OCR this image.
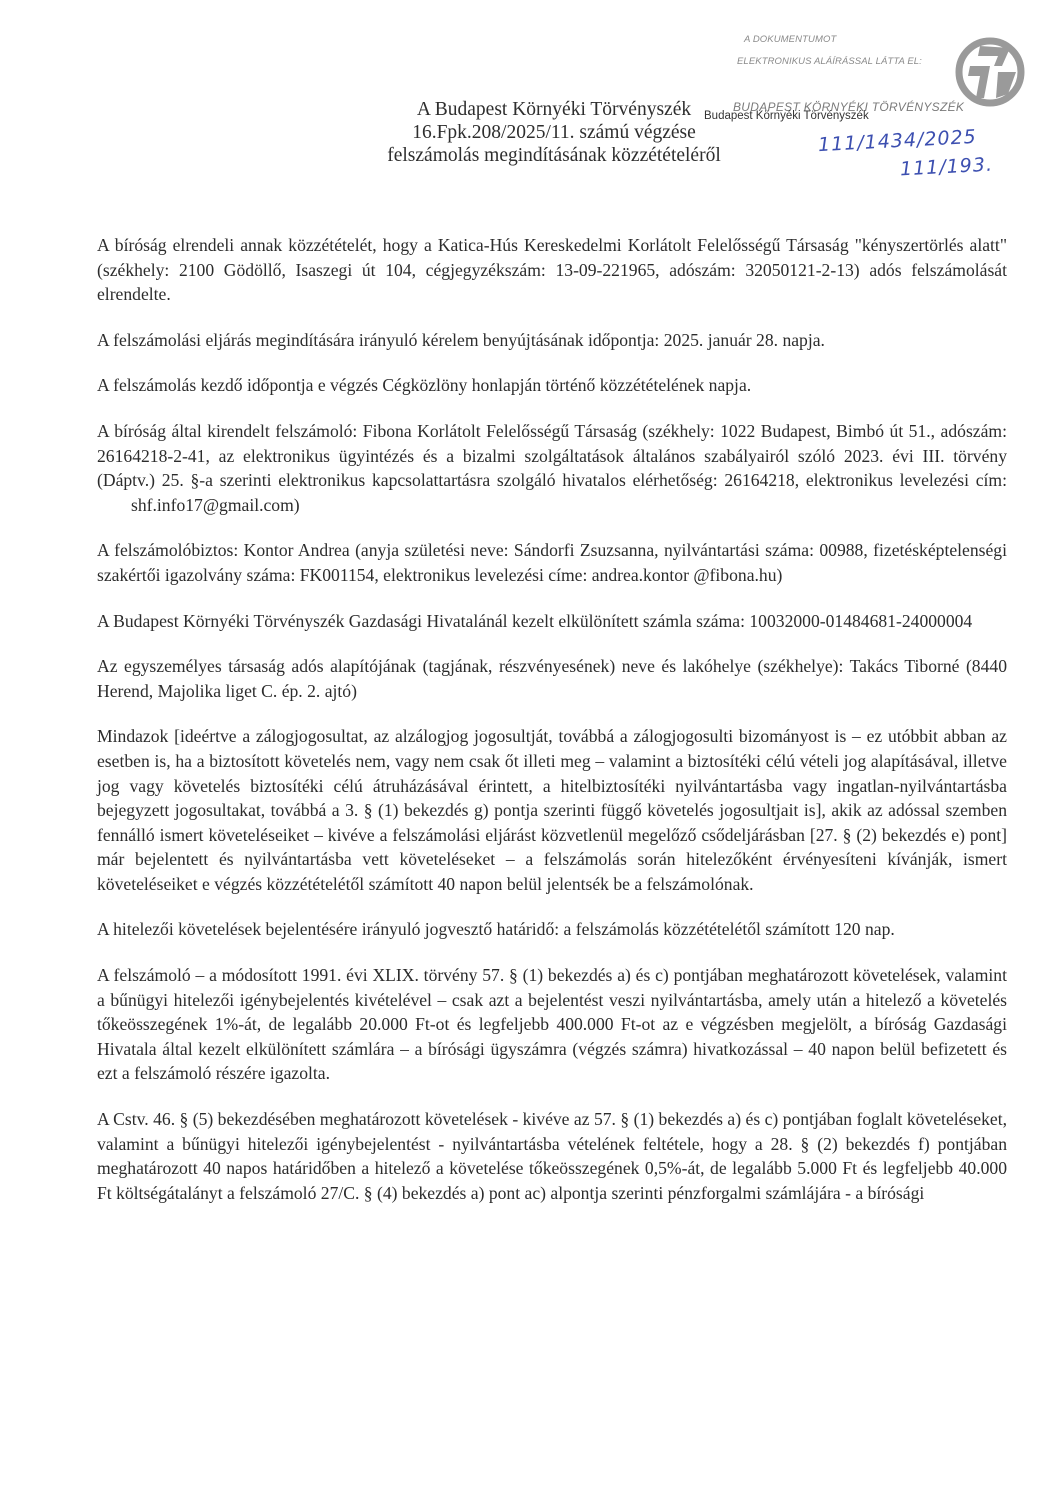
A DOKUMENTUMOT
ELEKTRONIKUS ALÁÍRÁSSAL LÁTTA EL:
BUDAPEST KÖRNYÉKI TÖRVÉNYSZÉK
Budapest Környéki Törvényszék
111/1434/2025
111/193.
A Budapest Környéki Törvényszék
16.Fpk.208/2025/11. számú végzése
felszámolás megindításának közzétételéről

A bíróság elrendeli annak közzétételét, hogy a Katica-Hús Kereskedelmi Korlátolt Felelősségű Társaság "kényszertörlés alatt" (székhely: 2100 Gödöllő, Isaszegi út 104, cégjegyzékszám: 13-09-221965, adószám: 32050121-2-13) adós felszámolását elrendelte.

A felszámolási eljárás megindítására irányuló kérelem benyújtásának időpontja: 2025. január 28. napja.

A felszámolás kezdő időpontja e végzés Cégközlöny honlapján történő közzétételének napja.

A bíróság által kirendelt felszámoló: Fibona Korlátolt Felelősségű Társaság (székhely: 1022 Budapest, Bimbó út 51., adószám: 26164218-2-41, az elektronikus ügyintézés és a bizalmi szolgáltatások általános szabályairól szóló 2023. évi III. törvény (Dáptv.) 25. §-a szerinti elektronikus kapcsolattartásra szolgáló hivatalos elérhetőség: 26164218, elektronikus levelezési cím:shf.info17@gmail.com)

A felszámolóbiztos: Kontor Andrea (anyja születési neve: Sándorfi Zsuzsanna, nyilvántartási száma: 00988, fizetésképtelenségi szakértői igazolvány száma: FK001154, elektronikus levelezési címe: andrea.kontor @fibona.hu)

A Budapest Környéki Törvényszék Gazdasági Hivatalánál kezelt elkülönített számla száma: 10032000-01484681-24000004

Az egyszemélyes társaság adós alapítójának (tagjának, részvényesének) neve és lakóhelye (székhelye): Takács Tiborné (8440 Herend, Majolika liget C. ép. 2. ajtó)

Mindazok [ideértve a zálogjogosultat, az alzálogjog jogosultját, továbbá a zálogjogosulti bizományost is – ez utóbbit abban az esetben is, ha a biztosított követelés nem, vagy nem csak őt illeti meg – valamint a biztosítéki célú vételi jog alapításával, illetve jog vagy követelés biztosítéki célú átruházásával érintett, a hitelbiztosítéki nyilvántartásba vagy ingatlan-nyilvántartásba bejegyzett jogosultakat, továbbá a 3. § (1) bekezdés g) pontja szerinti függő követelés jogosultjait is], akik az adóssal szemben fennálló ismert követeléseiket – kivéve a felszámolási eljárást közvetlenül megelőző csődeljárásban [27. § (2) bekezdés e) pont] már bejelentett és nyilvántartásba vett követeléseket – a felszámolás során hitelezőként érvényesíteni kívánják, ismert követeléseiket e végzés közzétételétől számított 40 napon belül jelentsék be a felszámolónak.

A hitelezői követelések bejelentésére irányuló jogvesztő határidő: a felszámolás közzétételétől számított 120 nap.

A felszámoló – a módosított 1991. évi XLIX. törvény 57. § (1) bekezdés a) és c) pontjában meghatározott követelések, valamint a bűnügyi hitelezői igénybejelentés kivételével – csak azt a bejelentést veszi nyilvántartásba, amely után a hitelező a követelés tőkeösszegének 1%-át, de legalább 20.000 Ft-ot és legfeljebb 400.000 Ft-ot az e végzésben megjelölt, a bíróság Gazdasági Hivatala által kezelt elkülönített számlára – a bírósági ügyszámra (végzés számra) hivatkozással – 40 napon belül befizetett és ezt a felszámoló részére igazolta.

A Cstv. 46. § (5) bekezdésében meghatározott követelések - kivéve az 57. § (1) bekezdés a) és c) pontjában foglalt követeléseket, valamint a bűnügyi hitelezői igénybejelentést - nyilvántartásba vételének feltétele, hogy a 28. § (2) bekezdés f) pontjában meghatározott 40 napos határidőben a hitelező a követelése tőkeösszegének 0,5%-át, de legalább 5.000 Ft és legfeljebb 40.000 Ft költségátalányt a felszámoló 27/C. § (4) bekezdés a) pont ac) alpontja szerinti pénzforgalmi számlájára - a bírósági
